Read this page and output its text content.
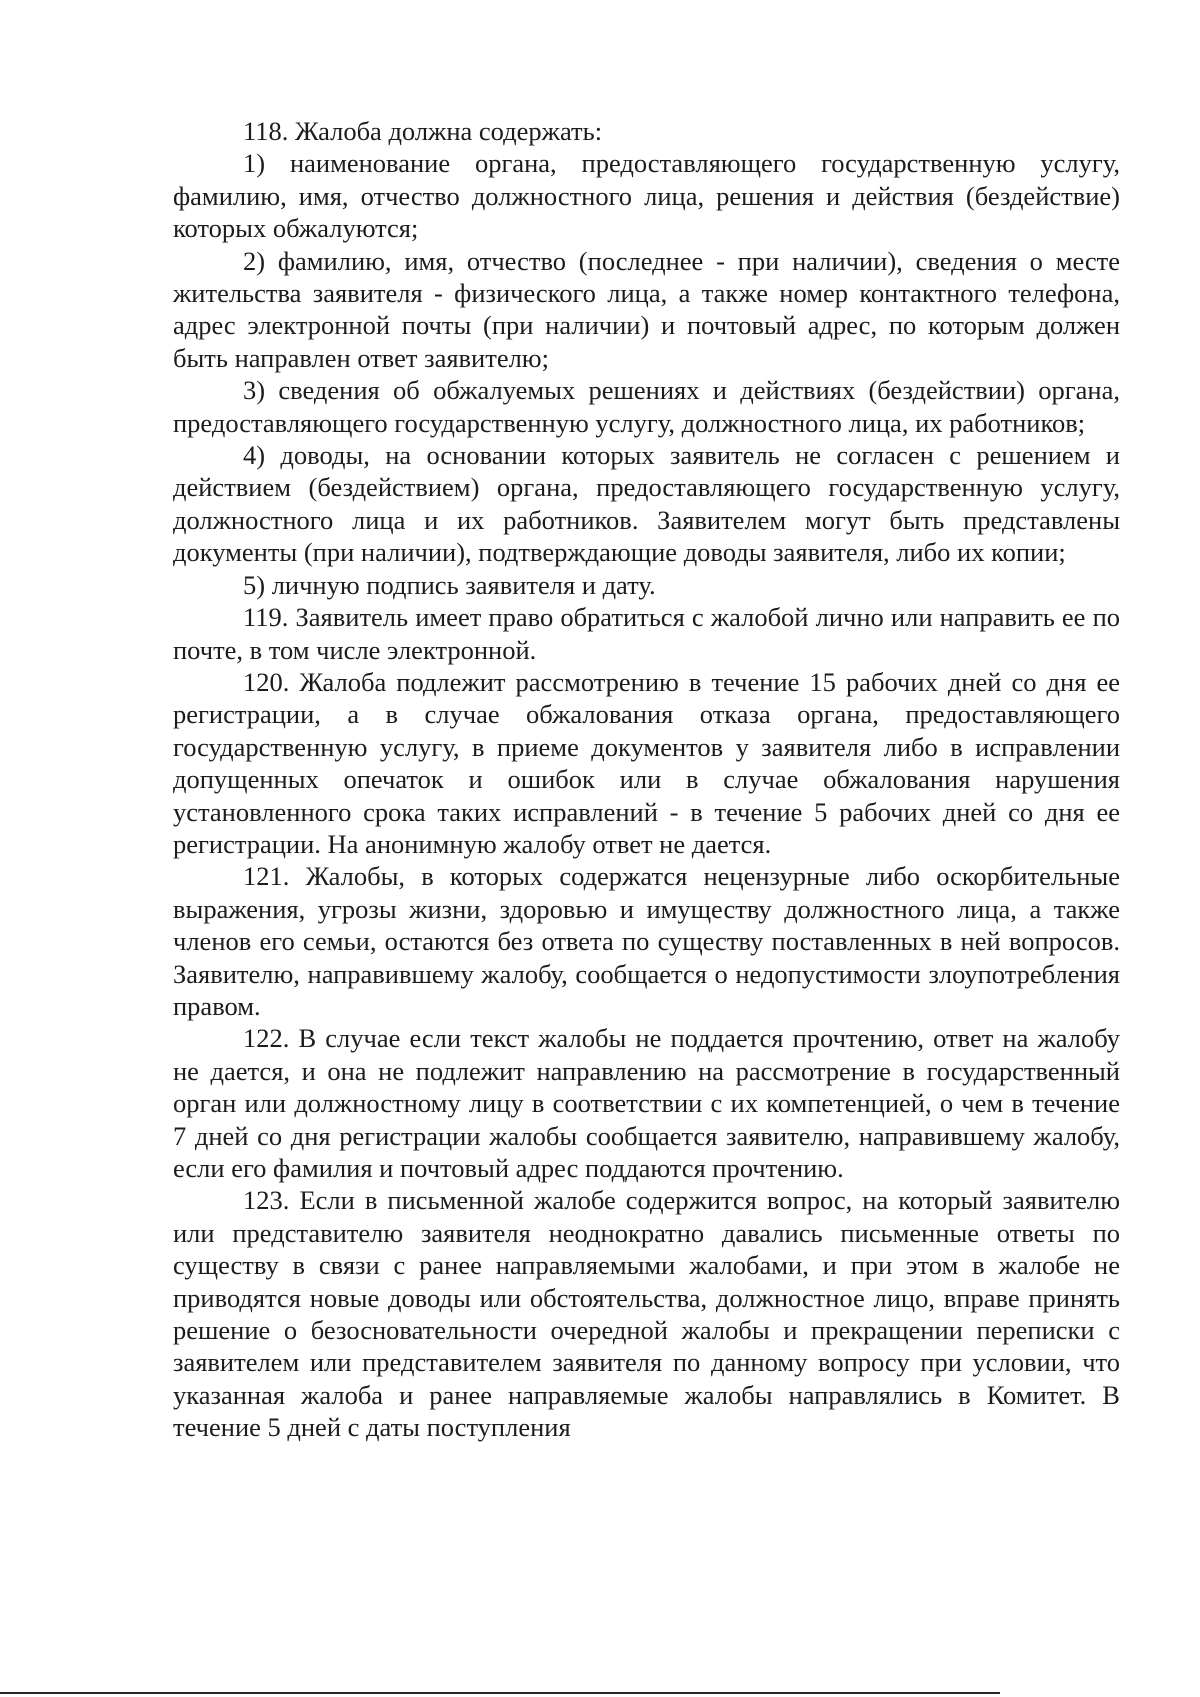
118. Жалоба должна содержать:

1) наименование органа, предоставляющего государственную услугу, фамилию, имя, отчество должностного лица, решения и действия (бездействие) которых обжалуются;

2) фамилию, имя, отчество (последнее - при наличии), сведения о месте жительства заявителя - физического лица, а также номер контактного телефона, адрес электронной почты (при наличии) и почтовый адрес, по которым должен быть направлен ответ заявителю;

3) сведения об обжалуемых решениях и действиях (бездействии) органа, предоставляющего государственную услугу, должностного лица, их работников;

4) доводы, на основании которых заявитель не согласен с решением и действием (бездействием) органа, предоставляющего государственную услугу, должностного лица и их работников. Заявителем могут быть представлены документы (при наличии), подтверждающие доводы заявителя, либо их копии;

5) личную подпись заявителя и дату.

119. Заявитель имеет право обратиться с жалобой лично или направить ее по почте, в том числе электронной.

120. Жалоба подлежит рассмотрению в течение 15 рабочих дней со дня ее регистрации, а в случае обжалования отказа органа, предоставляющего государственную услугу, в приеме документов у заявителя либо в исправлении допущенных опечаток и ошибок или в случае обжалования нарушения установленного срока таких исправлений - в течение 5 рабочих дней со дня ее регистрации. На анонимную жалобу ответ не дается.

121. Жалобы, в которых содержатся нецензурные либо оскорбительные выражения, угрозы жизни, здоровью и имуществу должностного лица, а также членов его семьи, остаются без ответа по существу поставленных в ней вопросов. Заявителю, направившему жалобу, сообщается о недопустимости злоупотребления правом.

122. В случае если текст жалобы не поддается прочтению, ответ на жалобу не дается, и она не подлежит направлению на рассмотрение в государственный орган или должностному лицу в соответствии с их компетенцией, о чем в течение 7 дней со дня регистрации жалобы сообщается заявителю, направившему жалобу, если его фамилия и почтовый адрес поддаются прочтению.

123. Если в письменной жалобе содержится вопрос, на который заявителю или представителю заявителя неоднократно давались письменные ответы по существу в связи с ранее направляемыми жалобами, и при этом в жалобе не приводятся новые доводы или обстоятельства, должностное лицо, вправе принять решение о безосновательности очередной жалобы и прекращении переписки с заявителем или представителем заявителя по данному вопросу при условии, что указанная жалоба и ранее направляемые жалобы направлялись в Комитет. В течение 5 дней с даты поступления
